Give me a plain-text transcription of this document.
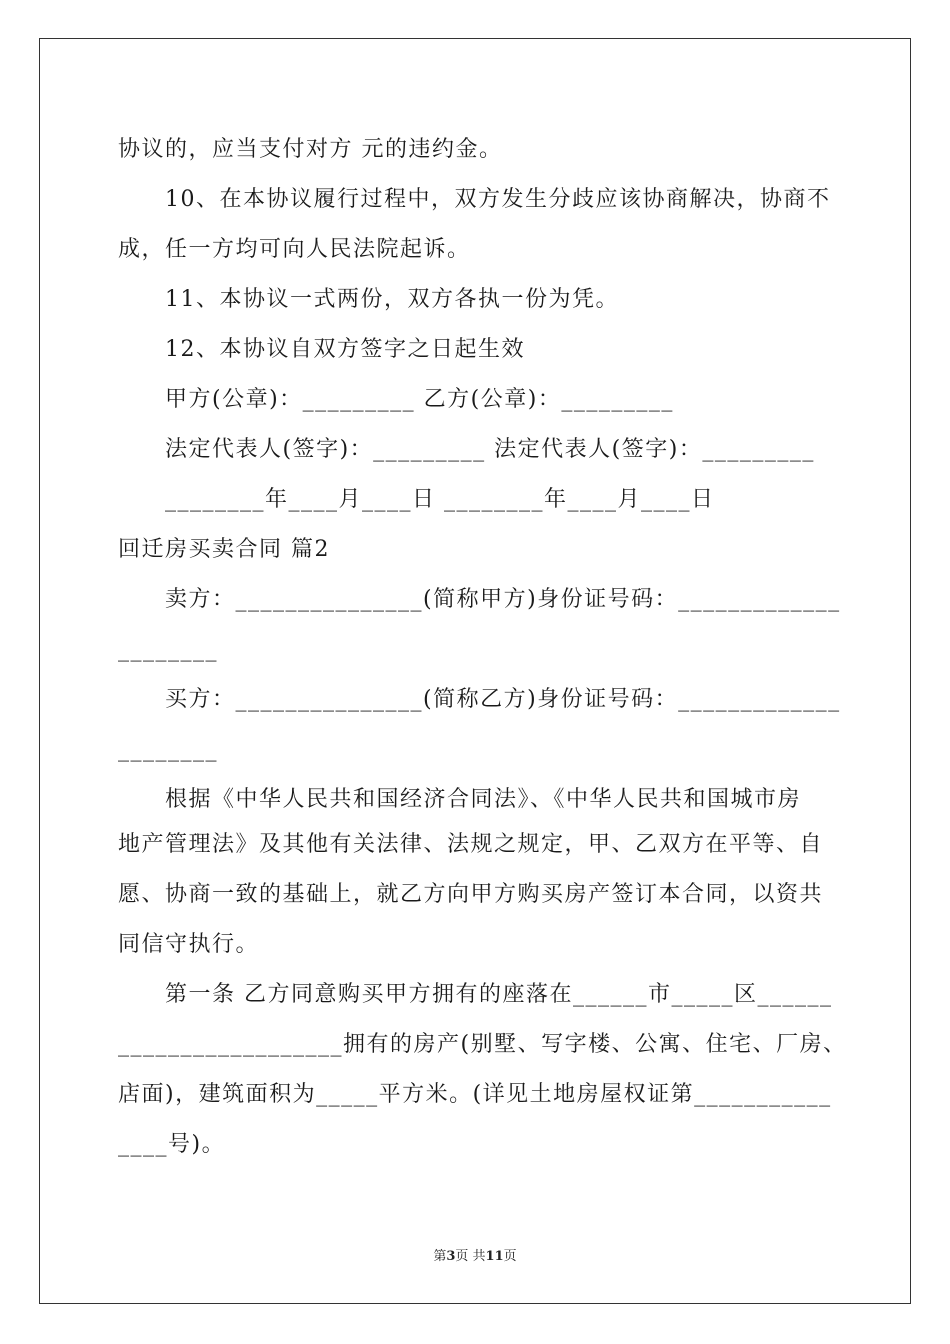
协议的，应当支付对方 元的违约金。
10、在本协议履行过程中，双方发生分歧应该协商解决，协商不
成，任一方均可向人民法院起诉。
11、本协议一式两份，双方各执一份为凭。
12、本协议自双方签字之日起生效
甲方(公章)：_________ 乙方(公章)：_________
法定代表人(签字)：_________ 法定代表人(签字)：_________
________年____月____日 ________年____月____日
回迁房买卖合同 篇2
卖方：_______________(简称甲方)身份证号码：_____________
________
买方：_______________(简称乙方)身份证号码：_____________
________
根据《中华人民共和国经济合同法》、《中华人民共和国城市房
地产管理法》及其他有关法律、法规之规定，甲、乙双方在平等、自
愿、协商一致的基础上，就乙方向甲方购买房产签订本合同，以资共
同信守执行。
第一条 乙方同意购买甲方拥有的座落在______市_____区______
__________________拥有的房产(别墅、写字楼、公寓、住宅、厂房、
店面)，建筑面积为_____平方米。(详见土地房屋权证第___________
____号)。
第3页 共11页
